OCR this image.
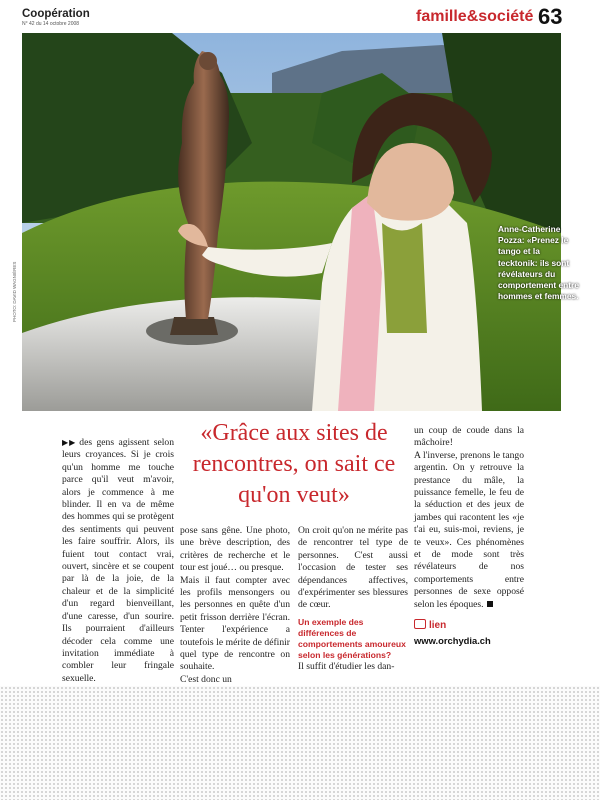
Coopération
N° 42 du 14 octobre 2008	famille&société 63
Anne-Catherine Pozza: «Prenez le tango et la tecktonik: ils sont révélateurs du comportement entre hommes et femmes.
PHOTO: DAVID WAGNIÈRES
«Grâce aux sites de rencontres, on sait ce qu'on veut»

▶▶ des gens agissent selon leurs croyances. Si je crois qu'un homme me touche parce qu'il veut m'avoir, alors je commence à me blinder. Il en va de même des hommes qui se protègent des sentiments qui peuvent les faire souffrir. Alors, ils fuient tout contact vrai, ouvert, sincère et se coupent par là de la joie, de la chaleur et de la simplicité d'un regard bienveillant, d'une caresse, d'un sourire. Ils pourraient d'ailleurs décoder cela comme une invitation immédiate à combler leur fringale sexuelle.

pose sans gêne. Une photo, une brève description, des critères de recherche et le tour est joué… ou presque.

Mais il faut compter avec les profils mensongers ou les personnes en quête d'un petit frisson derrière l'écran. Tenter l'expérience a toutefois le mérite de définir quel type de rencontre on souhaite.

C'est donc un

On croit qu'on ne mérite pas de rencontrer tel type de personnes. C'est aussi l'occasion de tester ses dépendances affectives, d'expérimenter ses blessures de cœur.

Un exemple des différences de comportements amoureux selon les générations?

Il suffit d'étudier les dan-

un coup de coude dans la mâchoire!

A l'inverse, prenons le tango argentin. On y retrouve la prestance du mâle, la puissance femelle, le feu de la séduction et des jeux de jambes qui racontent les «je t'ai eu, suis-moi, reviens, je te veux». Ces phénomènes et de mode sont très révélateurs de nos comportements entre personnes de sexe opposé selon les époques.

lien

www.orchydia.ch
